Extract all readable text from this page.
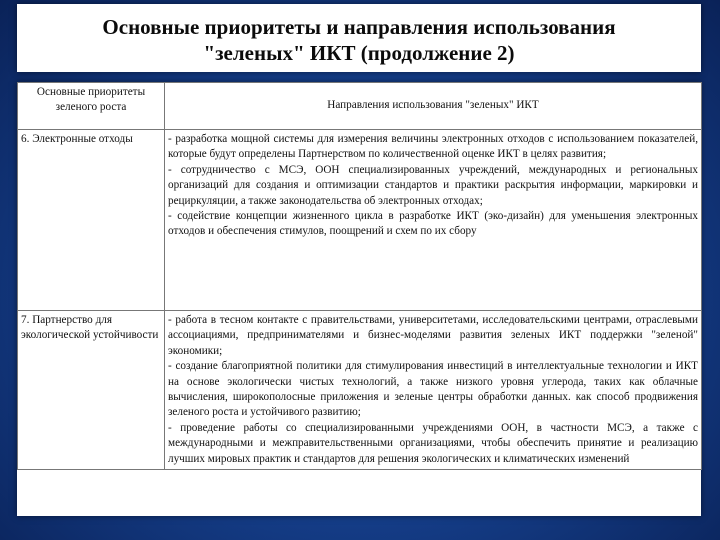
Основные приоритеты и направления использования
"зеленых" ИКТ (продолжение 2)
Основные приоритеты зеленого роста	Направления использования "зеленых" ИКТ
6. Электронные отходы	- разработка мощной системы для измерения величины электронных отходов с использованием показателей, которые будут определены Партнерством по количественной оценке ИКТ в целях развития;
- сотрудничество с МСЭ, ООН специализированных учреждений, международных и региональных организаций для создания и оптимизации стандартов и практики раскрытия информации, маркировки и рециркуляции, а также законодательства об электронных отходах;
- содействие концепции жизненного цикла в разработке ИКТ (эко-дизайн) для уменьшения электронных отходов и обеспечения стимулов, поощрений и схем по их сбору

7. Партнерство для экологической устойчивости	- работа в тесном контакте с правительствами, университетами, исследовательскими центрами, отраслевыми ассоциациями, предпринимателями и бизнес-моделями развития зеленых ИКТ поддержки "зеленой" экономики;
- создание благоприятной политики для стимулирования инвестиций в интеллектуальные технологии и ИКТ на основе экологически чистых технологий, а также низкого уровня углерода, таких как облачные вычисления, широкополосные приложения и зеленые центры обработки данных. как способ продвижения зеленого роста и устойчивого развитию;
- проведение работы со специализированными учреждениями ООН, в частности МСЭ, а также с международными и межправительственными организациями, чтобы обеспечить принятие и реализацию лучших мировых практик и стандартов для решения экологических и климатических изменений
